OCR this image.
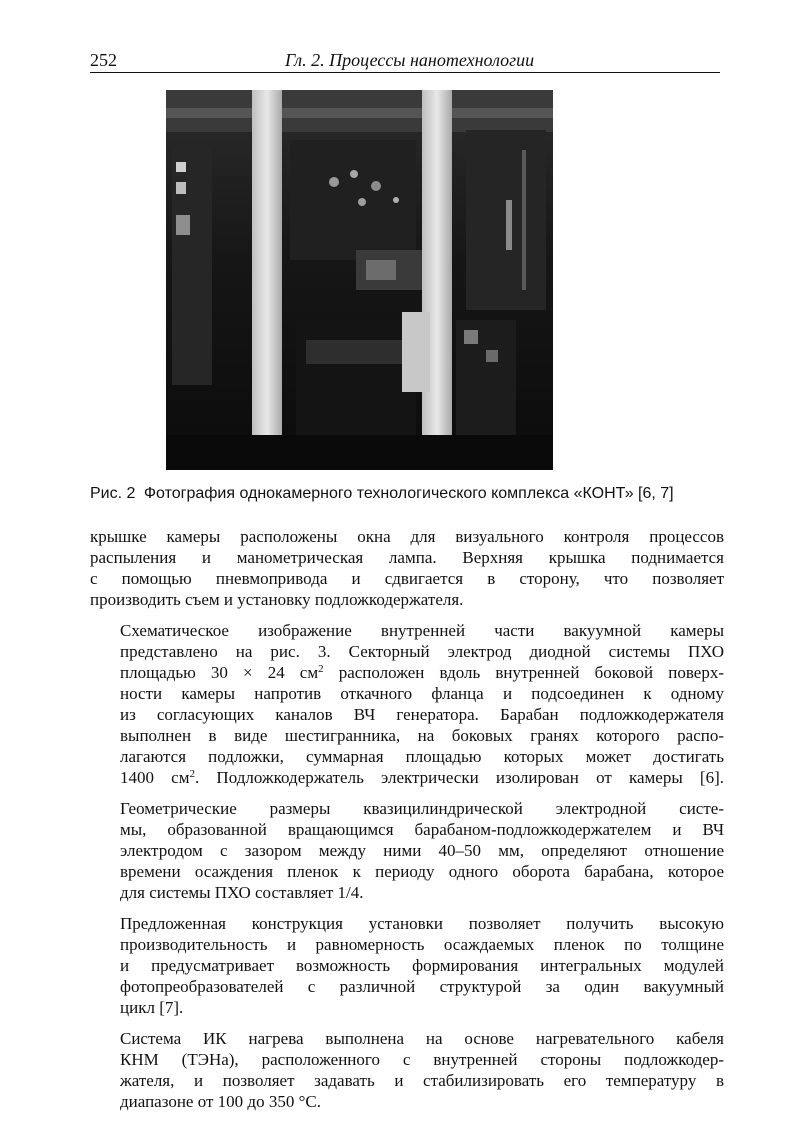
252	Гл. 2. Процессы нанотехнологии
Рис. 2 Фотография однокамерного технологического комплекса «КОНТ» [6, 7]

крышке камеры расположены окна для визуального контроля процессов
распыления и манометрическая лампа. Верхняя крышка поднимается
с помощью пневмопривода и сдвигается в сторону, что позволяет
производить съем и установку подложкодержателя.

Схематическое изображение внутренней части вакуумной камеры
представлено на рис. 3. Секторный электрод диодной системы ПХО
площадью 30 × 24 $см^2$ расположен вдоль внутренней боковой поверх-
ности камеры напротив откачного фланца и подсоединен к одному
из согласующих каналов ВЧ генератора. Барабан подложкодержателя
выполнен в виде шестигранника, на боковых гранях которого распо-
лагаются подложки, суммарная площадью которых может достигать
1400 $см^2$. Подложкодержатель электрически изолирован от камеры [6].

Геометрические размеры квазицилиндрической электродной систе-
мы, образованной вращающимся барабаном-подложкодержателем и ВЧ
электродом с зазором между ними 40–50 мм, определяют отношение
времени осаждения пленок к периоду одного оборота барабана, которое
для системы ПХО составляет 1/4.

Предложенная конструкция установки позволяет получить высокую
производительность и равномерность осаждаемых пленок по толщине
и предусматривает возможность формирования интегральных модулей
фотопреобразователей с различной структурой за один вакуумный
цикл [7].

Система ИК нагрева выполнена на основе нагревательного кабеля
КНМ (ТЭНа), расположенного с внутренней стороны подложкодер-
жателя, и позволяет задавать и стабилизировать его температуру в
диапазоне от 100 до 350 °С.
